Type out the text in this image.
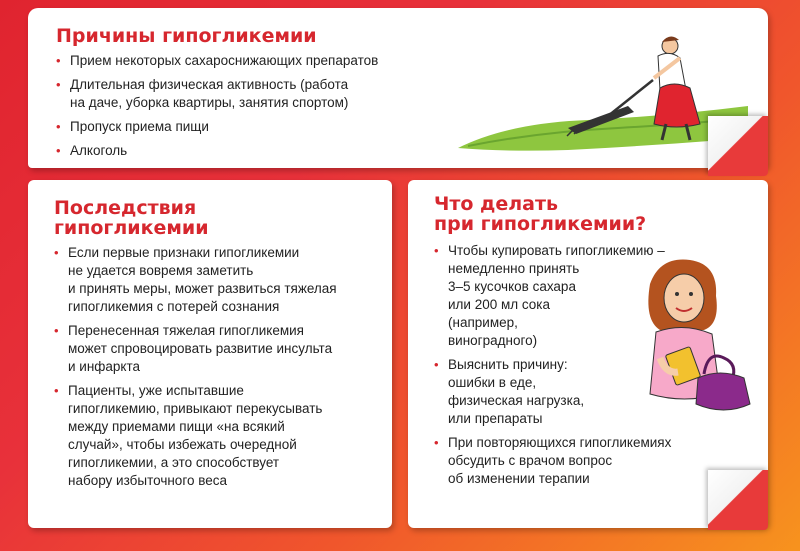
Причины гипогликемии
• Прием некоторых сахароснижающих препаратов
• Длительная физическая активность (работа
на даче, уборка квартиры, занятия спортом)
• Пропуск приема пищи
• Алкоголь
Последствия
гипогликемии
• Если первые признаки гипогликемии
не удается вовремя заметить
и принять меры, может развиться тяжелая
гипогликемия с потерей сознания
• Перенесенная тяжелая гипогликемия
может спровоцировать развитие инсульта
и инфаркта
• Пациенты, уже испытавшие
гипогликемию, привыкают перекусывать
между приемами пищи «на всякий
случай», чтобы избежать очередной
гипогликемии, а это способствует
набору избыточного веса
Что делать
при гипогликемии?
• Чтобы купировать гипогликемию –
немедленно принять
3–5 кусочков сахара
или 200 мл сока
(например,
виноградного)
• Выяснить причину:
ошибки в еде,
физическая нагрузка,
или препараты
• При повторяющихся гипогликемиях
обсудить с врачом вопрос
об изменении терапии
